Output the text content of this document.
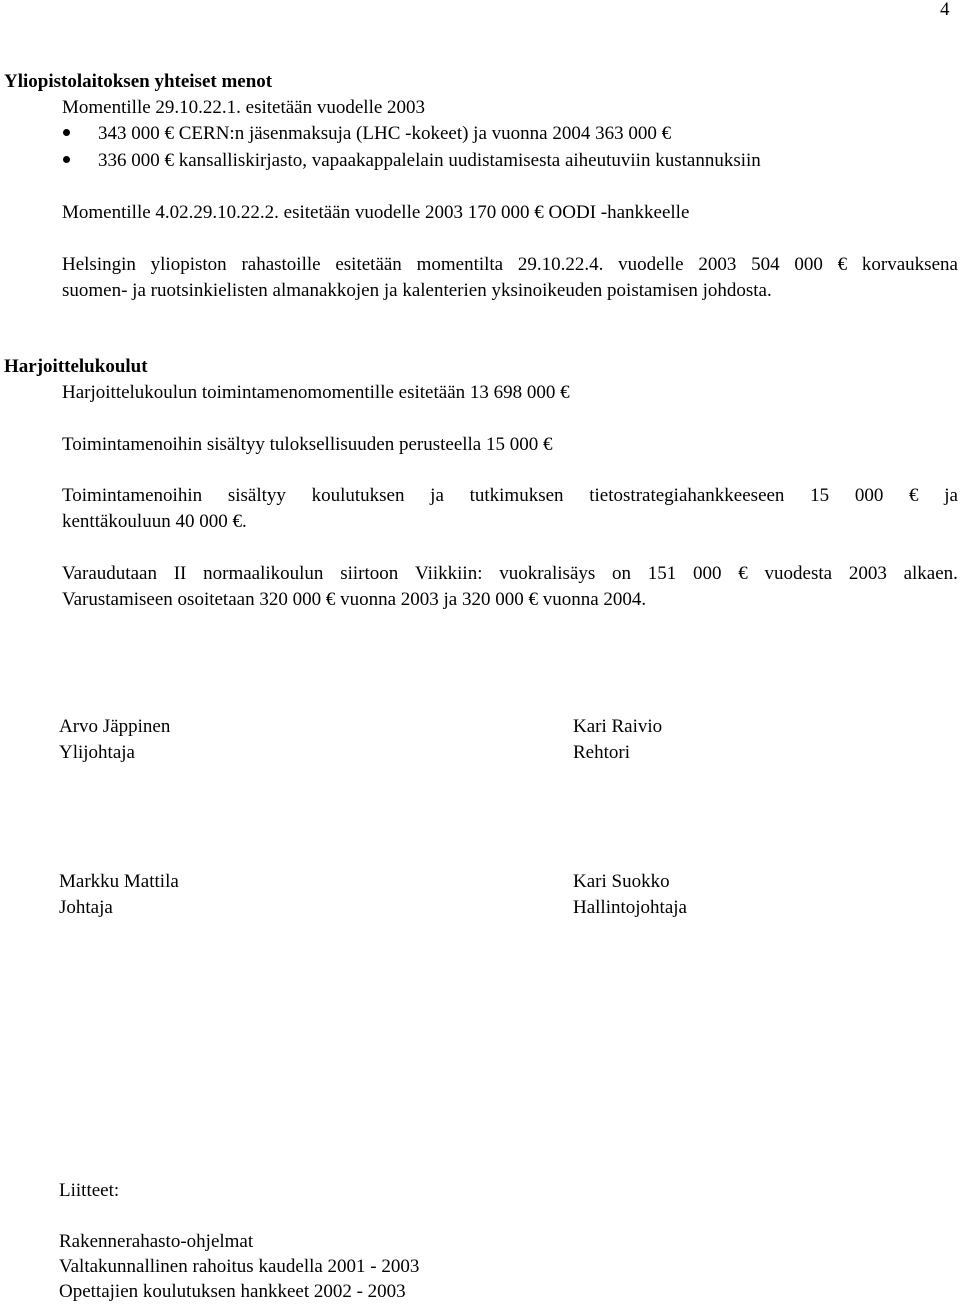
4
Yliopistolaitoksen yhteiset menot
Momentille 29.10.22.1. esitetään vuodelle 2003
343 000 € CERN:n jäsenmaksuja (LHC -kokeet) ja vuonna 2004 363 000 €
336 000 € kansalliskirjasto, vapaakappalelain uudistamisesta aiheutuviin kustannuksiin
Momentille 4.02.29.10.22.2. esitetään vuodelle 2003 170 000 € OODI -hankkeelle
Helsingin yliopiston rahastoille esitetään momentilta 29.10.22.4. vuodelle 2003 504 000 € korvauksena
suomen- ja ruotsinkielisten almanakkojen ja kalenterien yksinoikeuden poistamisen johdosta.
Harjoittelukoulut
Harjoittelukoulun toimintamenomomentille esitetään 13 698 000 €
Toimintamenoihin sisältyy tuloksellisuuden perusteella 15 000 €
Toimintamenoihin sisältyy koulutuksen ja tutkimuksen tietostrategiahankkeeseen 15 000 € ja
kenttäkouluun 40 000 €.
Varaudutaan II normaalikoulun siirtoon Viikkiin: vuokralisäys on 151 000 € vuodesta 2003 alkaen.
Varustamiseen osoitetaan 320 000 € vuonna 2003 ja 320 000 € vuonna 2004.
Arvo Jäppinen
Ylijohtaja
Kari Raivio
Rehtori
Markku Mattila
Johtaja
Kari Suokko
Hallintojohtaja
Liitteet:
Rakennerahasto-ohjelmat
Valtakunnallinen rahoitus kaudella 2001 - 2003
Opettajien koulutuksen hankkeet 2002 - 2003
